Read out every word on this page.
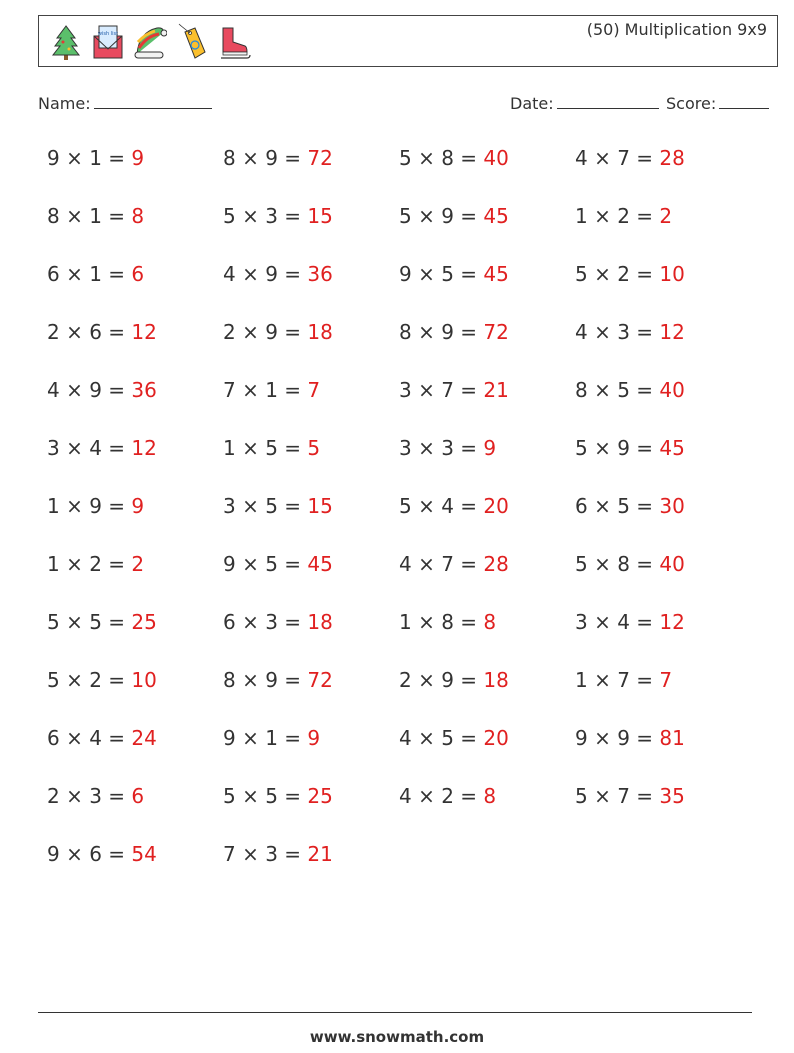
wish list	(50) Multiplication 9x9
Name:	Date:	Score:
9 × 1 = 9	8 × 9 = 72	5 × 8 = 40	4 × 7 = 28
8 × 1 = 8	5 × 3 = 15	5 × 9 = 45	1 × 2 = 2
6 × 1 = 6	4 × 9 = 36	9 × 5 = 45	5 × 2 = 10
2 × 6 = 12	2 × 9 = 18	8 × 9 = 72	4 × 3 = 12
4 × 9 = 36	7 × 1 = 7	3 × 7 = 21	8 × 5 = 40
3 × 4 = 12	1 × 5 = 5	3 × 3 = 9	5 × 9 = 45
1 × 9 = 9	3 × 5 = 15	5 × 4 = 20	6 × 5 = 30
1 × 2 = 2	9 × 5 = 45	4 × 7 = 28	5 × 8 = 40
5 × 5 = 25	6 × 3 = 18	1 × 8 = 8	3 × 4 = 12
5 × 2 = 10	8 × 9 = 72	2 × 9 = 18	1 × 7 = 7
6 × 4 = 24	9 × 1 = 9	4 × 5 = 20	9 × 9 = 81
2 × 3 = 6	5 × 5 = 25	4 × 2 = 8	5 × 7 = 35
9 × 6 = 54	7 × 3 = 21
www.snowmath.com
